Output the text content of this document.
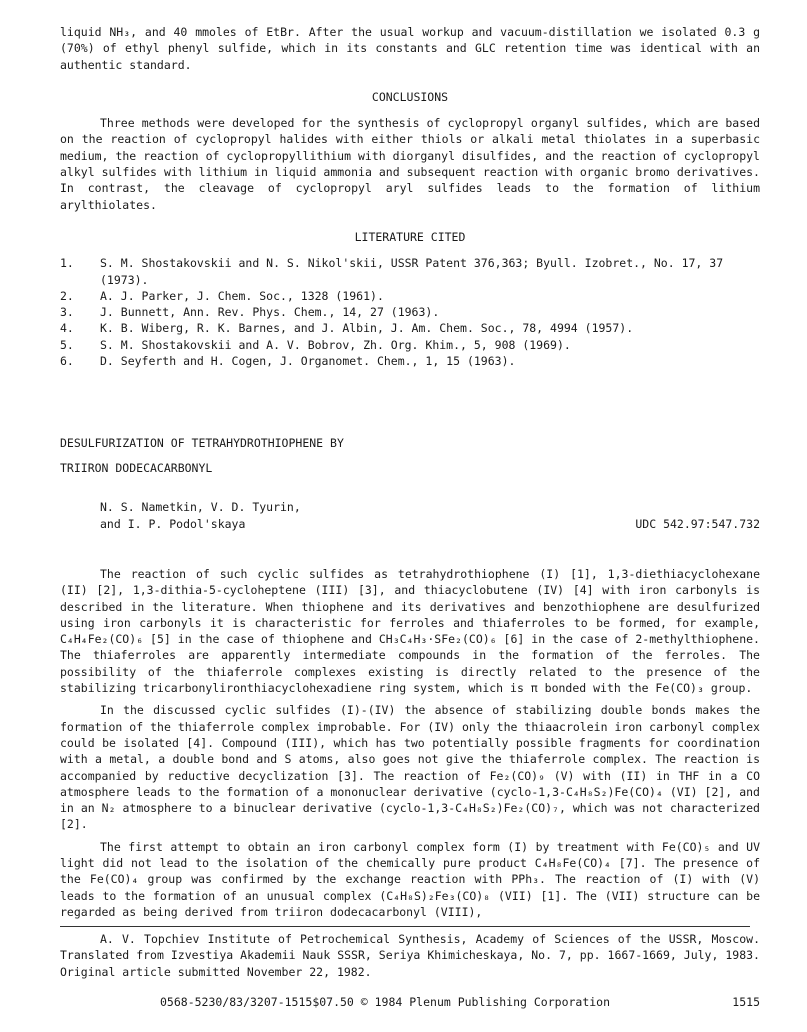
liquid NH₃, and 40 mmoles of EtBr. After the usual workup and vacuum-distillation we isolated 0.3 g (70%) of ethyl phenyl sulfide, which in its constants and GLC retention time was identical with an authentic standard.

CONCLUSIONS

Three methods were developed for the synthesis of cyclopropyl organyl sulfides, which are based on the reaction of cyclopropyl halides with either thiols or alkali metal thiolates in a superbasic medium, the reaction of cyclopropyllithium with diorganyl disulfides, and the reaction of cyclopropyl alkyl sulfides with lithium in liquid ammonia and subsequent reaction with organic bromo derivatives. In contrast, the cleavage of cyclopropyl aryl sulfides leads to the formation of lithium arylthiolates.

LITERATURE CITED
1.	S. M. Shostakovskii and N. S. Nikol'skii, USSR Patent 376,363; Byull. Izobret., No. 17, 37 (1973).
2.	A. J. Parker, J. Chem. Soc., 1328 (1961).
3.	J. Bunnett, Ann. Rev. Phys. Chem., 14, 27 (1963).
4.	K. B. Wiberg, R. K. Barnes, and J. Albin, J. Am. Chem. Soc., 78, 4994 (1957).
5.	S. M. Shostakovskii and A. V. Bobrov, Zh. Org. Khim., 5, 908 (1969).
6.	D. Seyferth and H. Cogen, J. Organomet. Chem., 1, 15 (1963).
DESULFURIZATION OF TETRAHYDROTHIOPHENE BY
TRIIRON DODECACARBONYL
N. S. Nametkin, V. D. Tyurin,
and I. P. Podol'skaya	UDC 542.97:547.732

The reaction of such cyclic sulfides as tetrahydrothiophene (I) [1], 1,3-diethiacyclohexane (II) [2], 1,3-dithia-5-cycloheptene (III) [3], and thiacyclobutene (IV) [4] with iron carbonyls is described in the literature. When thiophene and its derivatives and benzothiophene are desulfurized using iron carbonyls it is characteristic for ferroles and thiaferroles to be formed, for example, C₄H₄Fe₂(CO)₆ [5] in the case of thiophene and CH₃C₄H₃·SFe₂(CO)₆ [6] in the case of 2-methylthiophene. The thiaferroles are apparently intermediate compounds in the formation of the ferroles. The possibility of the thiaferrole complexes existing is directly related to the presence of the stabilizing tricarbonylironthiacyclohexadiene ring system, which is π bonded with the Fe(CO)₃ group.

In the discussed cyclic sulfides (I)-(IV) the absence of stabilizing double bonds makes the formation of the thiaferrole complex improbable. For (IV) only the thiaacrolein iron carbonyl complex could be isolated [4]. Compound (III), which has two potentially possible fragments for coordination with a metal, a double bond and S atoms, also goes not give the thiaferrole complex. The reaction is accompanied by reductive decyclization [3]. The reaction of Fe₂(CO)₉ (V) with (II) in THF in a CO atmosphere leads to the formation of a mononuclear derivative (cyclo-1,3-C₄H₈S₂)Fe(CO)₄ (VI) [2], and in an N₂ atmosphere to a binuclear derivative (cyclo-1,3-C₄H₈S₂)Fe₂(CO)₇, which was not characterized [2].

The first attempt to obtain an iron carbonyl complex form (I) by treatment with Fe(CO)₅ and UV light did not lead to the isolation of the chemically pure product C₄H₈Fe(CO)₄ [7]. The presence of the Fe(CO)₄ group was confirmed by the exchange reaction with PPh₃. The reaction of (I) with (V) leads to the formation of an unusual complex (C₄H₈S)₂Fe₃(CO)₈ (VII) [1]. The (VII) structure can be regarded as being derived from triiron dodecacarbonyl (VIII),

A. V. Topchiev Institute of Petrochemical Synthesis, Academy of Sciences of the USSR, Moscow. Translated from Izvestiya Akademii Nauk SSSR, Seriya Khimicheskaya, No. 7, pp. 1667-1669, July, 1983. Original article submitted November 22, 1982.

0568-5230/83/3207-1515$07.50 © 1984 Plenum Publishing Corporation	1515
